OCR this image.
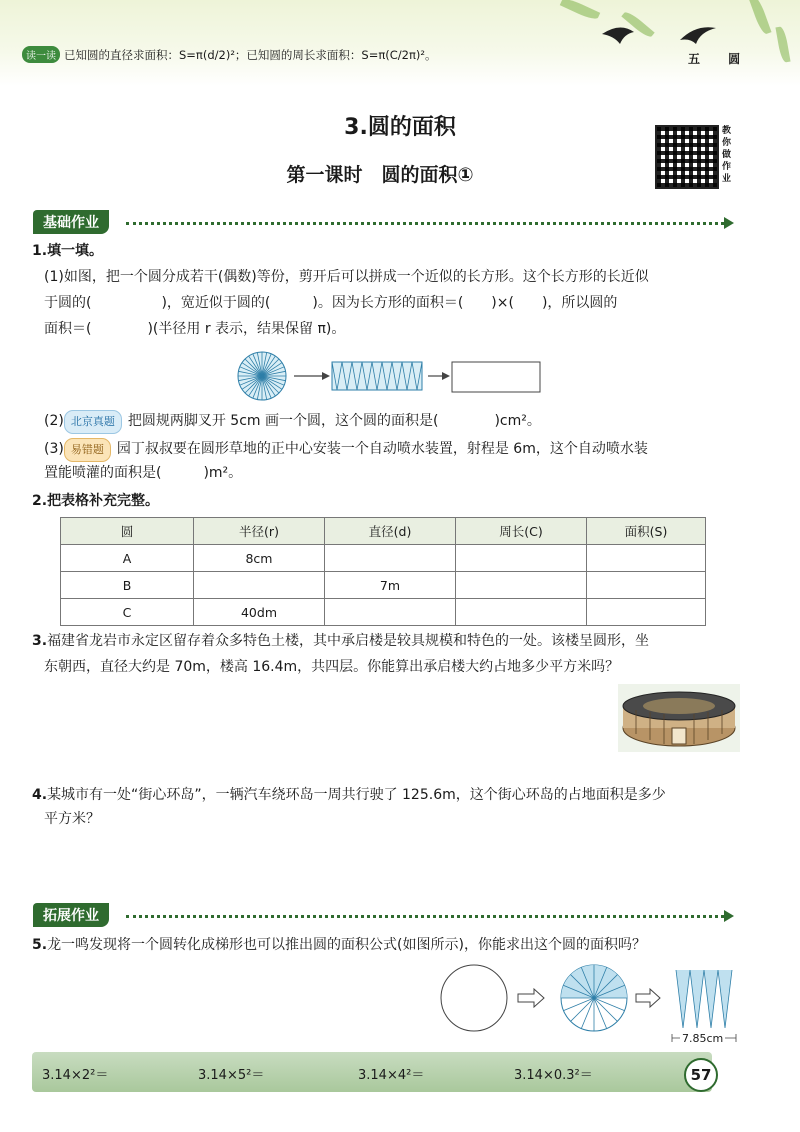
读一读 已知圆的直径求面积：S=π(d/2)²；已知圆的周长求面积：S=π(C/2π)²。	五 圆
3.圆的面积
第一课时　圆的面积①
教你做作业
基础作业
1.填一填。
(1)如图，把一个圆分成若干(偶数)等份，剪开后可以拼成一个近似的长方形。这个长方形的长近似
于圆的(　　　　　)，宽近似于圆的(　　　)。因为长方形的面积＝(　　)×(　　)，所以圆的
面积＝(　　　　)(半径用 r 表示，结果保留 π)。
(2) 北京真题 把圆规两脚叉开 5cm 画一个圆，这个圆的面积是(　　　　)cm²。
(3) 易错题 园丁叔叔要在圆形草地的正中心安装一个自动喷水装置，射程是 6m，这个自动喷水装
置能喷灌的面积是(　　　)m²。
2.把表格补充完整。
圆	半径(r)	直径(d)	周长(C)	面积(S)
A	8cm			
B		7m		
C	40dm			
3.福建省龙岩市永定区留存着众多特色土楼，其中承启楼是较具规模和特色的一处。该楼呈圆形，坐
东朝西，直径大约是 70m，楼高 16.4m，共四层。你能算出承启楼大约占地多少平方米吗？
4.某城市有一处“街心环岛”，一辆汽车绕环岛一周共行驶了 125.6m，这个街心环岛的占地面积是多少
平方米？
拓展作业
5.龙一鸣发现将一个圆转化成梯形也可以推出圆的面积公式(如图所示)，你能求出这个圆的面积吗？
7.85cm
3.14×2²＝	3.14×5²＝	3.14×4²＝	3.14×0.3²＝	57
